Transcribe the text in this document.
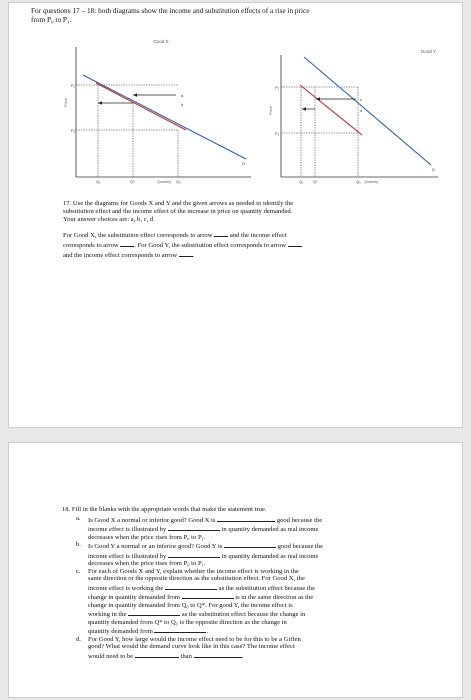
For questions 17 – 18: both diagrams show the income and substitution effects of a rise in price
from P₀ to P₁.
Good X
Price
P₁
P₀
D
a
b
Q₁	Q*	Quantity Q₀
Good Y
Price
P₁
P₀
D
c
d
Q₁ Q*	Q₀ Quantity

17. Use the diagrams for Goods X and Y and the given arrows as needed to identify the
substitution effect and the income effect of the increase in price on quantity demanded.
Your answer choices are: a, b, c, d

For Good X, the substitution effect corresponds to arrow	and the income effect
corresponds to arrow . For Good Y, the substitution effect corresponds to arrow
and the income effect corresponds to arrow .

18. Fill in the blanks with the appropriate words that make the statement true.
a. Is Good X a normal or inferior good? Good X is	good because the
income effect is illustrated by	in quantity demanded as real income
decreases when the price rises from P₀ to P₁.
b. Is Good Y a normal or an inferior good? Good Y is	good because the
income effect is illustrated by	in quantity demanded as real income
decreases when the price rises from P₀ to P₁.
c. For each of Goods X and Y, explain whether the income effect is working in the
same direction or the opposite direction as the substitution effect. For Good X, the
income effect is working the	as the substitution effect because the
change in quantity demanded from	is in the same direction as the
change in quantity demanded from Q₀ to Q*. For good Y, the income effect is
working in the	as the substitution effect because the change in
quantity demanded from Q* to Q₁ is the opposite direction as the change in
quantity demanded from	.
d. For Good Y, how large would the income effect need to be for this to be a Giffen
good? What would the demand curve look like in this case? The income effect
would need to be	than	.
